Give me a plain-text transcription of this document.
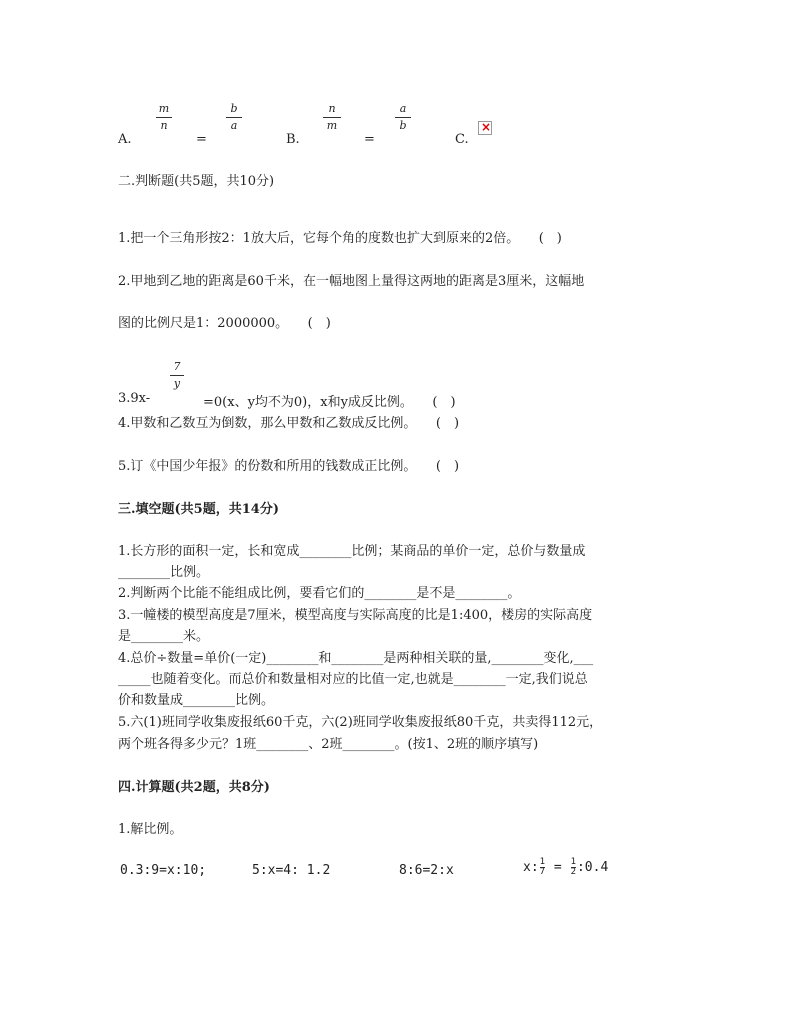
A.
m
n
=
b
a
B.
n
m
=
a
b
C.
×
二.判断题(共5题，共10分)
1.把一个三角形按2：1放大后，它每个角的度数也扩大到原来的2倍。　　(　)
2.甲地到乙地的距离是60千米，在一幅地图上量得这两地的距离是3厘米，这幅地
图的比例尺是1：2000000。　　(　)
7
y
3.9x-	=0(x、y均不为0)，x和y成反比例。　　(　)
4.甲数和乙数互为倒数，那么甲数和乙数成反比例。　　(　)
5.订《中国少年报》的份数和所用的钱数成正比例。　　(　)
三.填空题(共5题，共14分)
1.长方形的面积一定，长和宽成________比例；某商品的单价一定，总价与数量成
________比例。
2.判断两个比能不能组成比例，要看它们的________是不是________。
3.一幢楼的模型高度是7厘米，模型高度与实际高度的比是1:400，楼房的实际高度
是________米。
4.总价÷数量=单价(一定)________和________是两种相关联的量,________变化,___
_____也随着变化。而总价和数量相对应的比值一定,也就是________一定,我们说总
价和数量成________比例。
5.六(1)班同学收集废报纸60千克，六(2)班同学收集废报纸80千克，共卖得112元，
两个班各得多少元？1班________、2班________。(按1、2班的顺序填写)
四.计算题(共2题，共8分)
1.解比例。
0.3:9=x:10;	5:x=4: 1.2	8:6=2:x	x: $\frac{1}{7} = \frac{1}{2}$ :0.4
